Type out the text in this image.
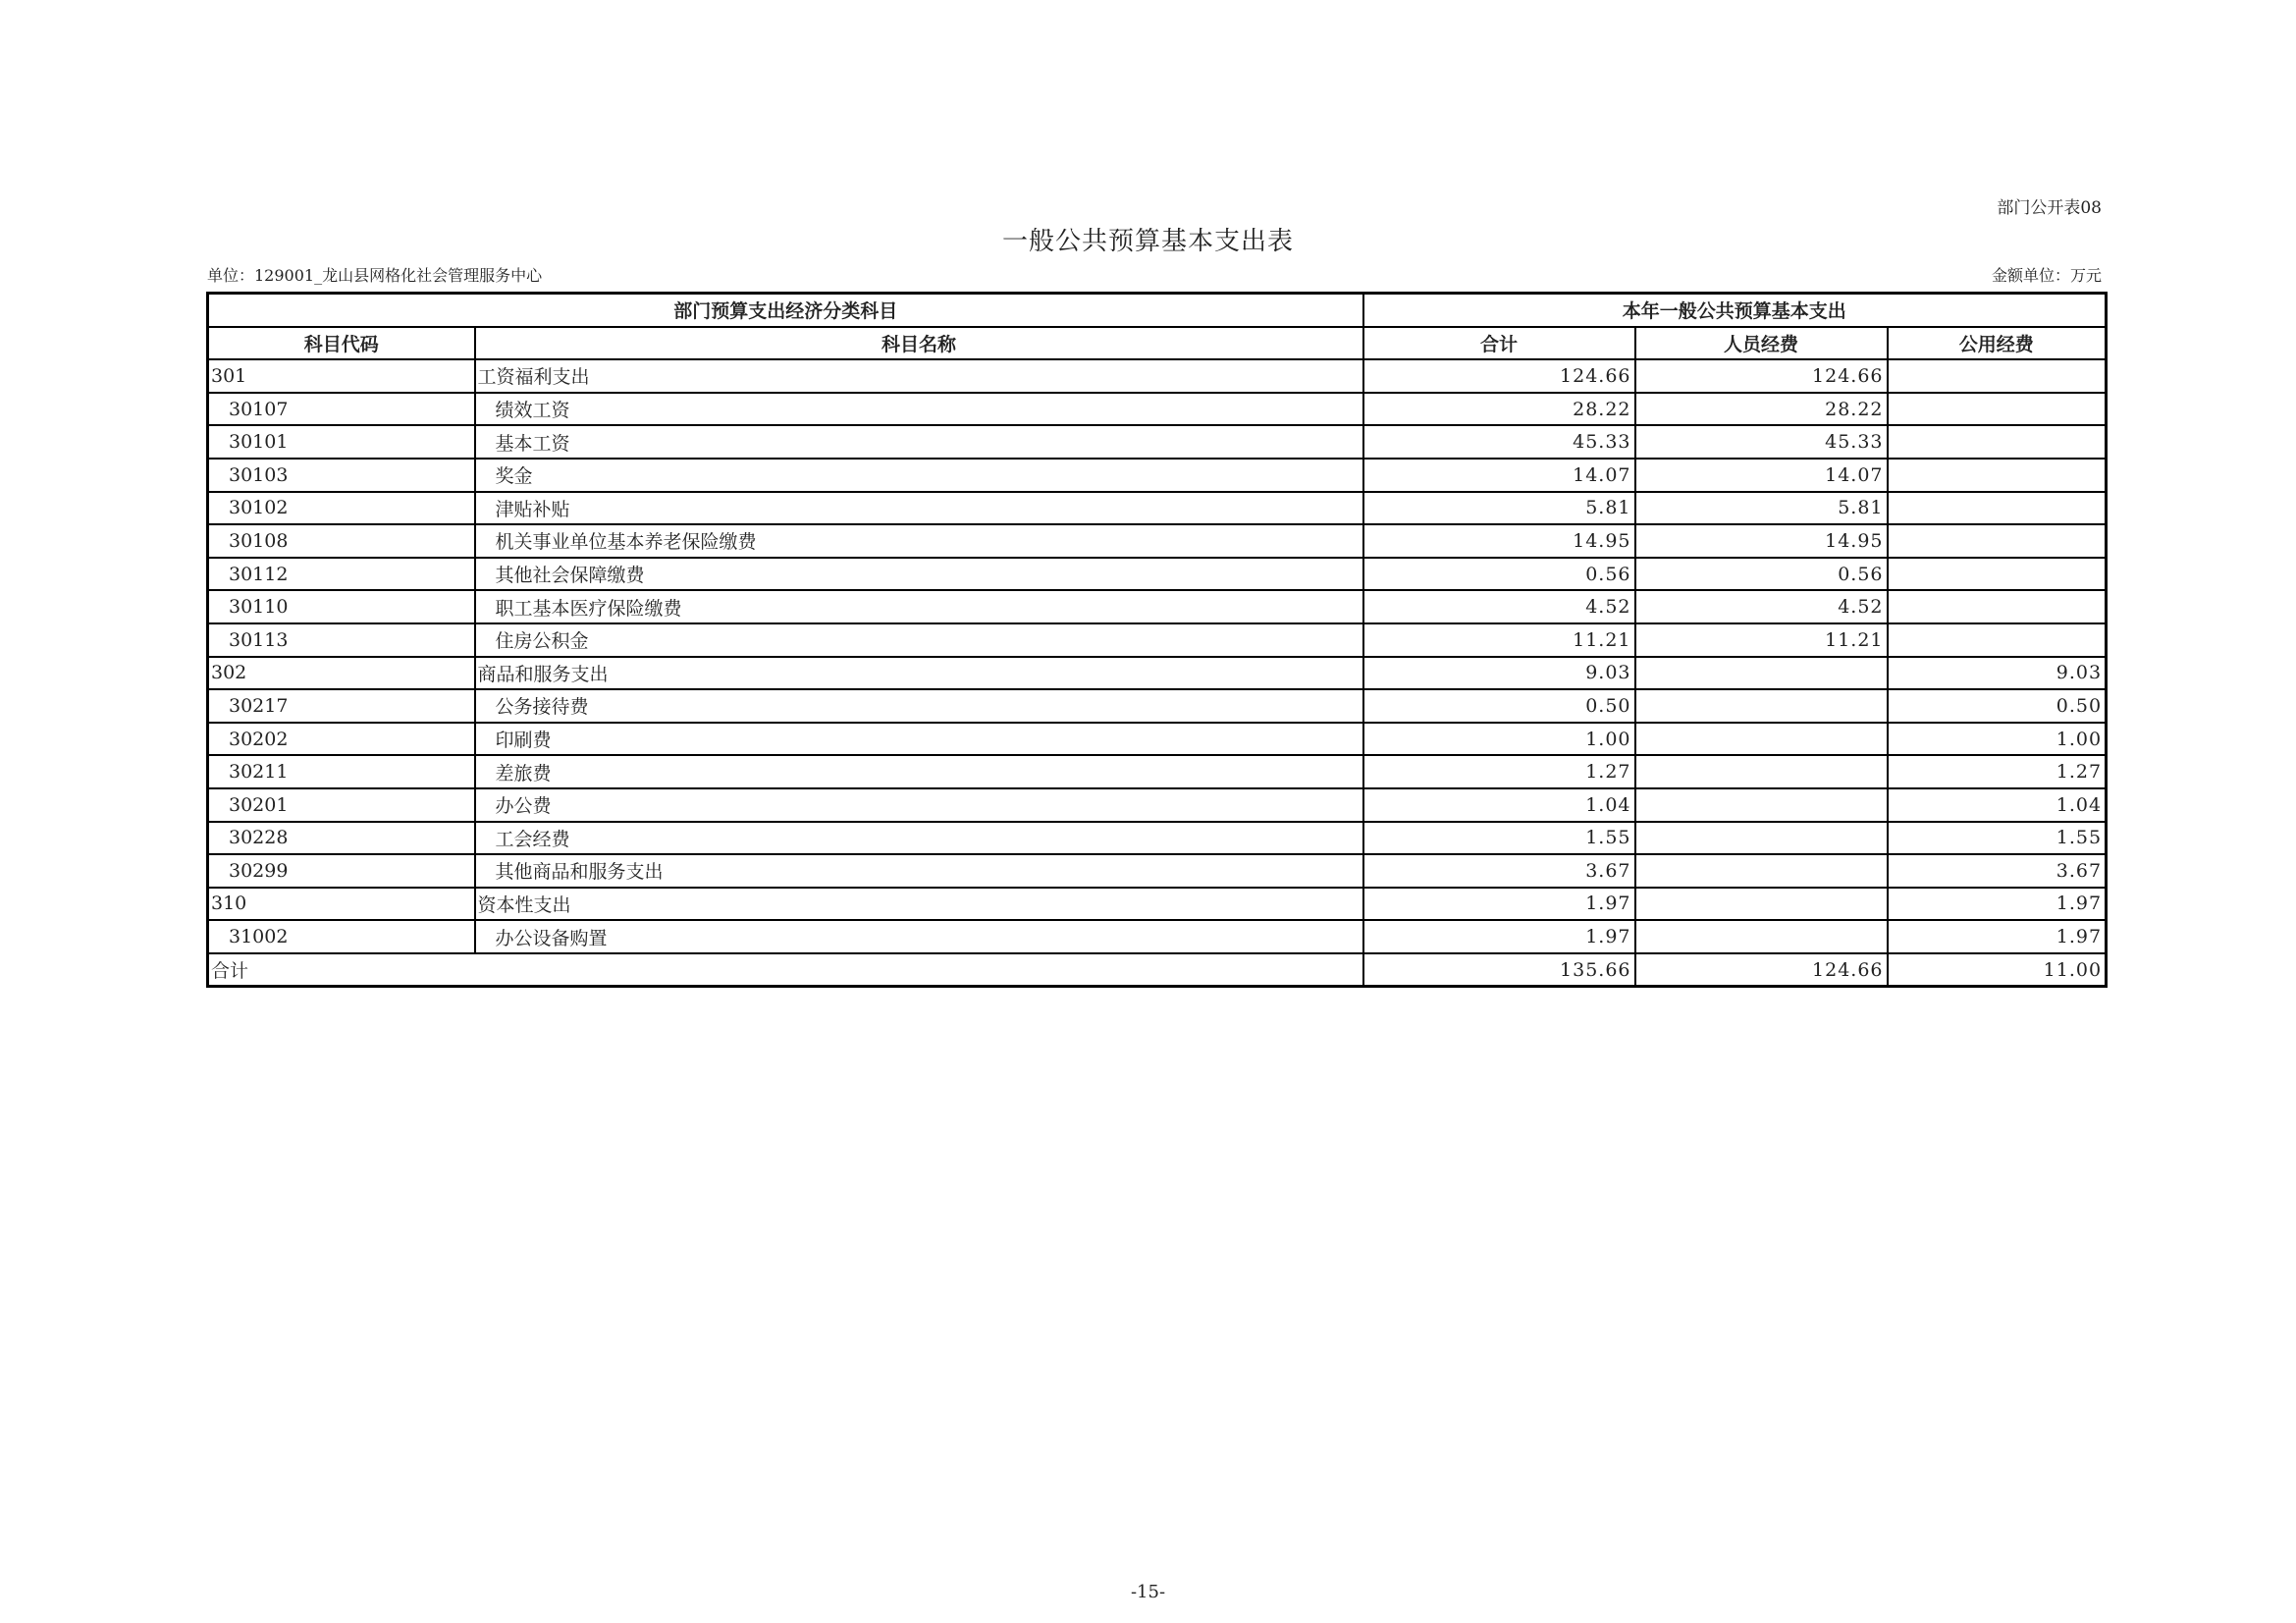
部门公开表08
一般公共预算基本支出表
单位：129001_龙山县网格化社会管理服务中心	金额单位：万元
部门预算支出经济分类科目		本年一般公共预算基本支出		
科目代码	科目名称	合计	人员经费	公用经费
301	工资福利支出	124.66	124.66	
30107	绩效工资	28.22	28.22	
30101	基本工资	45.33	45.33	
30103	奖金	14.07	14.07	
30102	津贴补贴	5.81	5.81	
30108	机关事业单位基本养老保险缴费	14.95	14.95	
30112	其他社会保障缴费	0.56	0.56	
30110	职工基本医疗保险缴费	4.52	4.52	
30113	住房公积金	11.21	11.21	
302	商品和服务支出	9.03		9.03
30217	公务接待费	0.50		0.50
30202	印刷费	1.00		1.00
30211	差旅费	1.27		1.27
30201	办公费	1.04		1.04
30228	工会经费	1.55		1.55
30299	其他商品和服务支出	3.67		3.67
310	资本性支出	1.97		1.97
31002	办公设备购置	1.97		1.97
合计		135.66	124.66	11.00
-15-
